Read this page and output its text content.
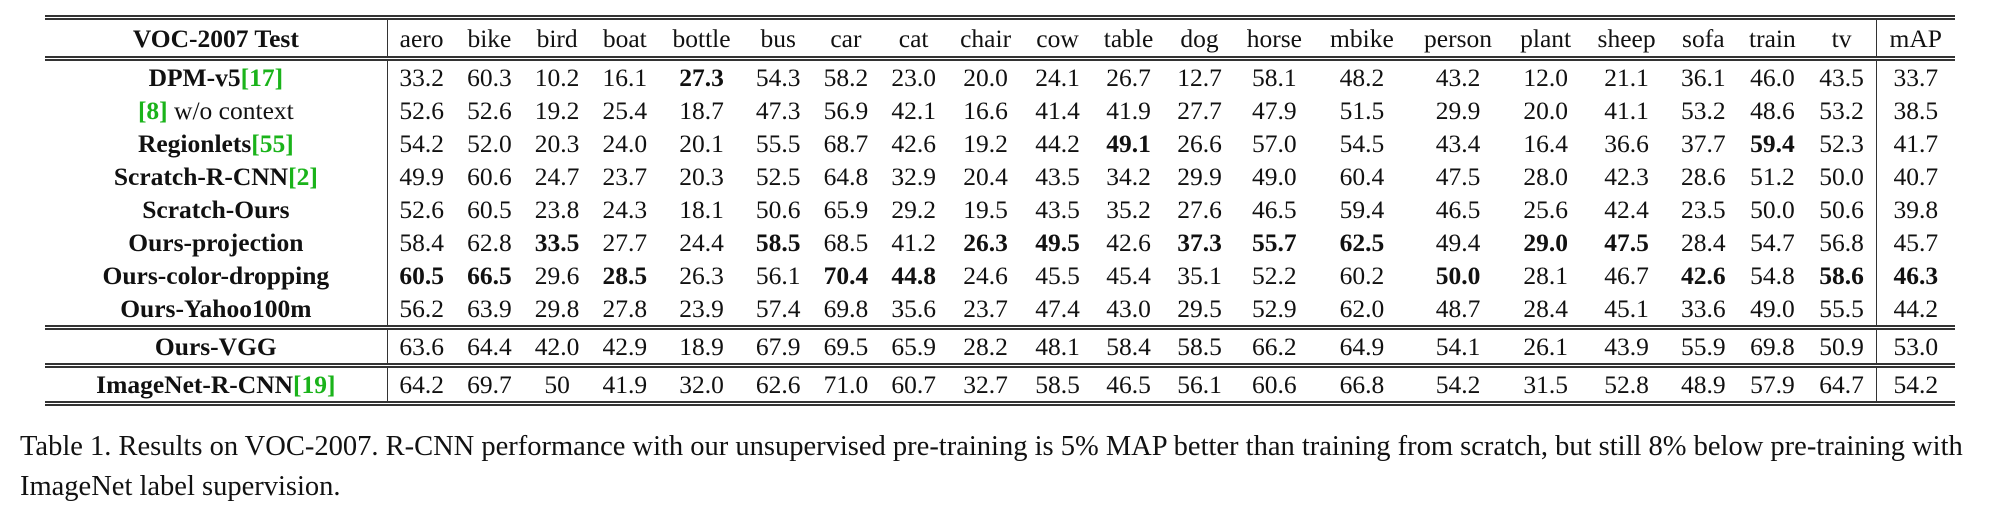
VOC-2007 Test	aero	bike	bird	boat	bottle	bus	car	cat	chair	cow	table	dog	horse	mbike	person	plant	sheep	sofa	train	tv	mAP
DPM-v5[17]	33.2	60.3	10.2	16.1	27.3	54.3	58.2	23.0	20.0	24.1	26.7	12.7	58.1	48.2	43.2	12.0	21.1	36.1	46.0	43.5	33.7
[8] w/o context	52.6	52.6	19.2	25.4	18.7	47.3	56.9	42.1	16.6	41.4	41.9	27.7	47.9	51.5	29.9	20.0	41.1	53.2	48.6	53.2	38.5
Regionlets[55]	54.2	52.0	20.3	24.0	20.1	55.5	68.7	42.6	19.2	44.2	49.1	26.6	57.0	54.5	43.4	16.4	36.6	37.7	59.4	52.3	41.7
Scratch-R-CNN[2]	49.9	60.6	24.7	23.7	20.3	52.5	64.8	32.9	20.4	43.5	34.2	29.9	49.0	60.4	47.5	28.0	42.3	28.6	51.2	50.0	40.7
Scratch-Ours	52.6	60.5	23.8	24.3	18.1	50.6	65.9	29.2	19.5	43.5	35.2	27.6	46.5	59.4	46.5	25.6	42.4	23.5	50.0	50.6	39.8
Ours-projection	58.4	62.8	33.5	27.7	24.4	58.5	68.5	41.2	26.3	49.5	42.6	37.3	55.7	62.5	49.4	29.0	47.5	28.4	54.7	56.8	45.7
Ours-color-dropping	60.5	66.5	29.6	28.5	26.3	56.1	70.4	44.8	24.6	45.5	45.4	35.1	52.2	60.2	50.0	28.1	46.7	42.6	54.8	58.6	46.3
Ours-Yahoo100m	56.2	63.9	29.8	27.8	23.9	57.4	69.8	35.6	23.7	47.4	43.0	29.5	52.9	62.0	48.7	28.4	45.1	33.6	49.0	55.5	44.2
Ours-VGG	63.6	64.4	42.0	42.9	18.9	67.9	69.5	65.9	28.2	48.1	58.4	58.5	66.2	64.9	54.1	26.1	43.9	55.9	69.8	50.9	53.0
ImageNet-R-CNN[19]	64.2	69.7	50	41.9	32.0	62.6	71.0	60.7	32.7	58.5	46.5	56.1	60.6	66.8	54.2	31.5	52.8	48.9	57.9	64.7	54.2
Table 1. Results on VOC-2007. R-CNN performance with our unsupervised pre-training is 5% MAP better than training from scratch, but still 8% below pre-training with ImageNet label supervision.
